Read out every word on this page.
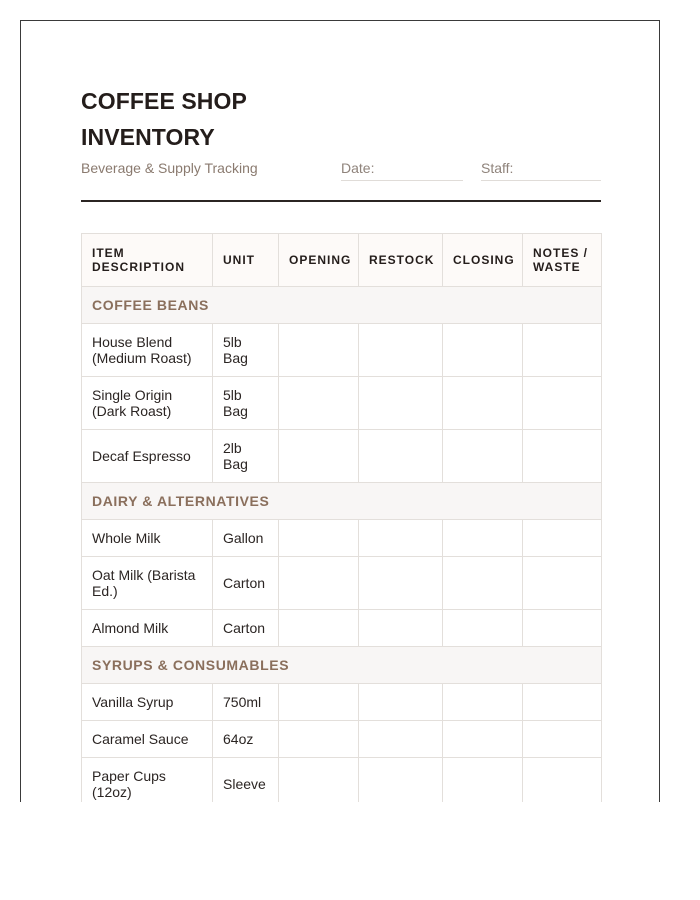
COFFEE SHOP INVENTORY
Beverage & Supply Tracking	Date:	Staff:
ITEM DESCRIPTION	UNIT	OPENING	RESTOCK	CLOSING	NOTES / WASTE
COFFEE BEANS					
House Blend (Medium Roast)	5lb Bag				
Single Origin (Dark Roast)	5lb Bag				
Decaf Espresso	2lb Bag				
DAIRY & ALTERNATIVES					
Whole Milk	Gallon				
Oat Milk (Barista Ed.)	Carton				
Almond Milk	Carton				
SYRUPS & CONSUMABLES					
Vanilla Syrup	750ml				
Caramel Sauce	64oz				
Paper Cups (12oz)	Sleeve				
